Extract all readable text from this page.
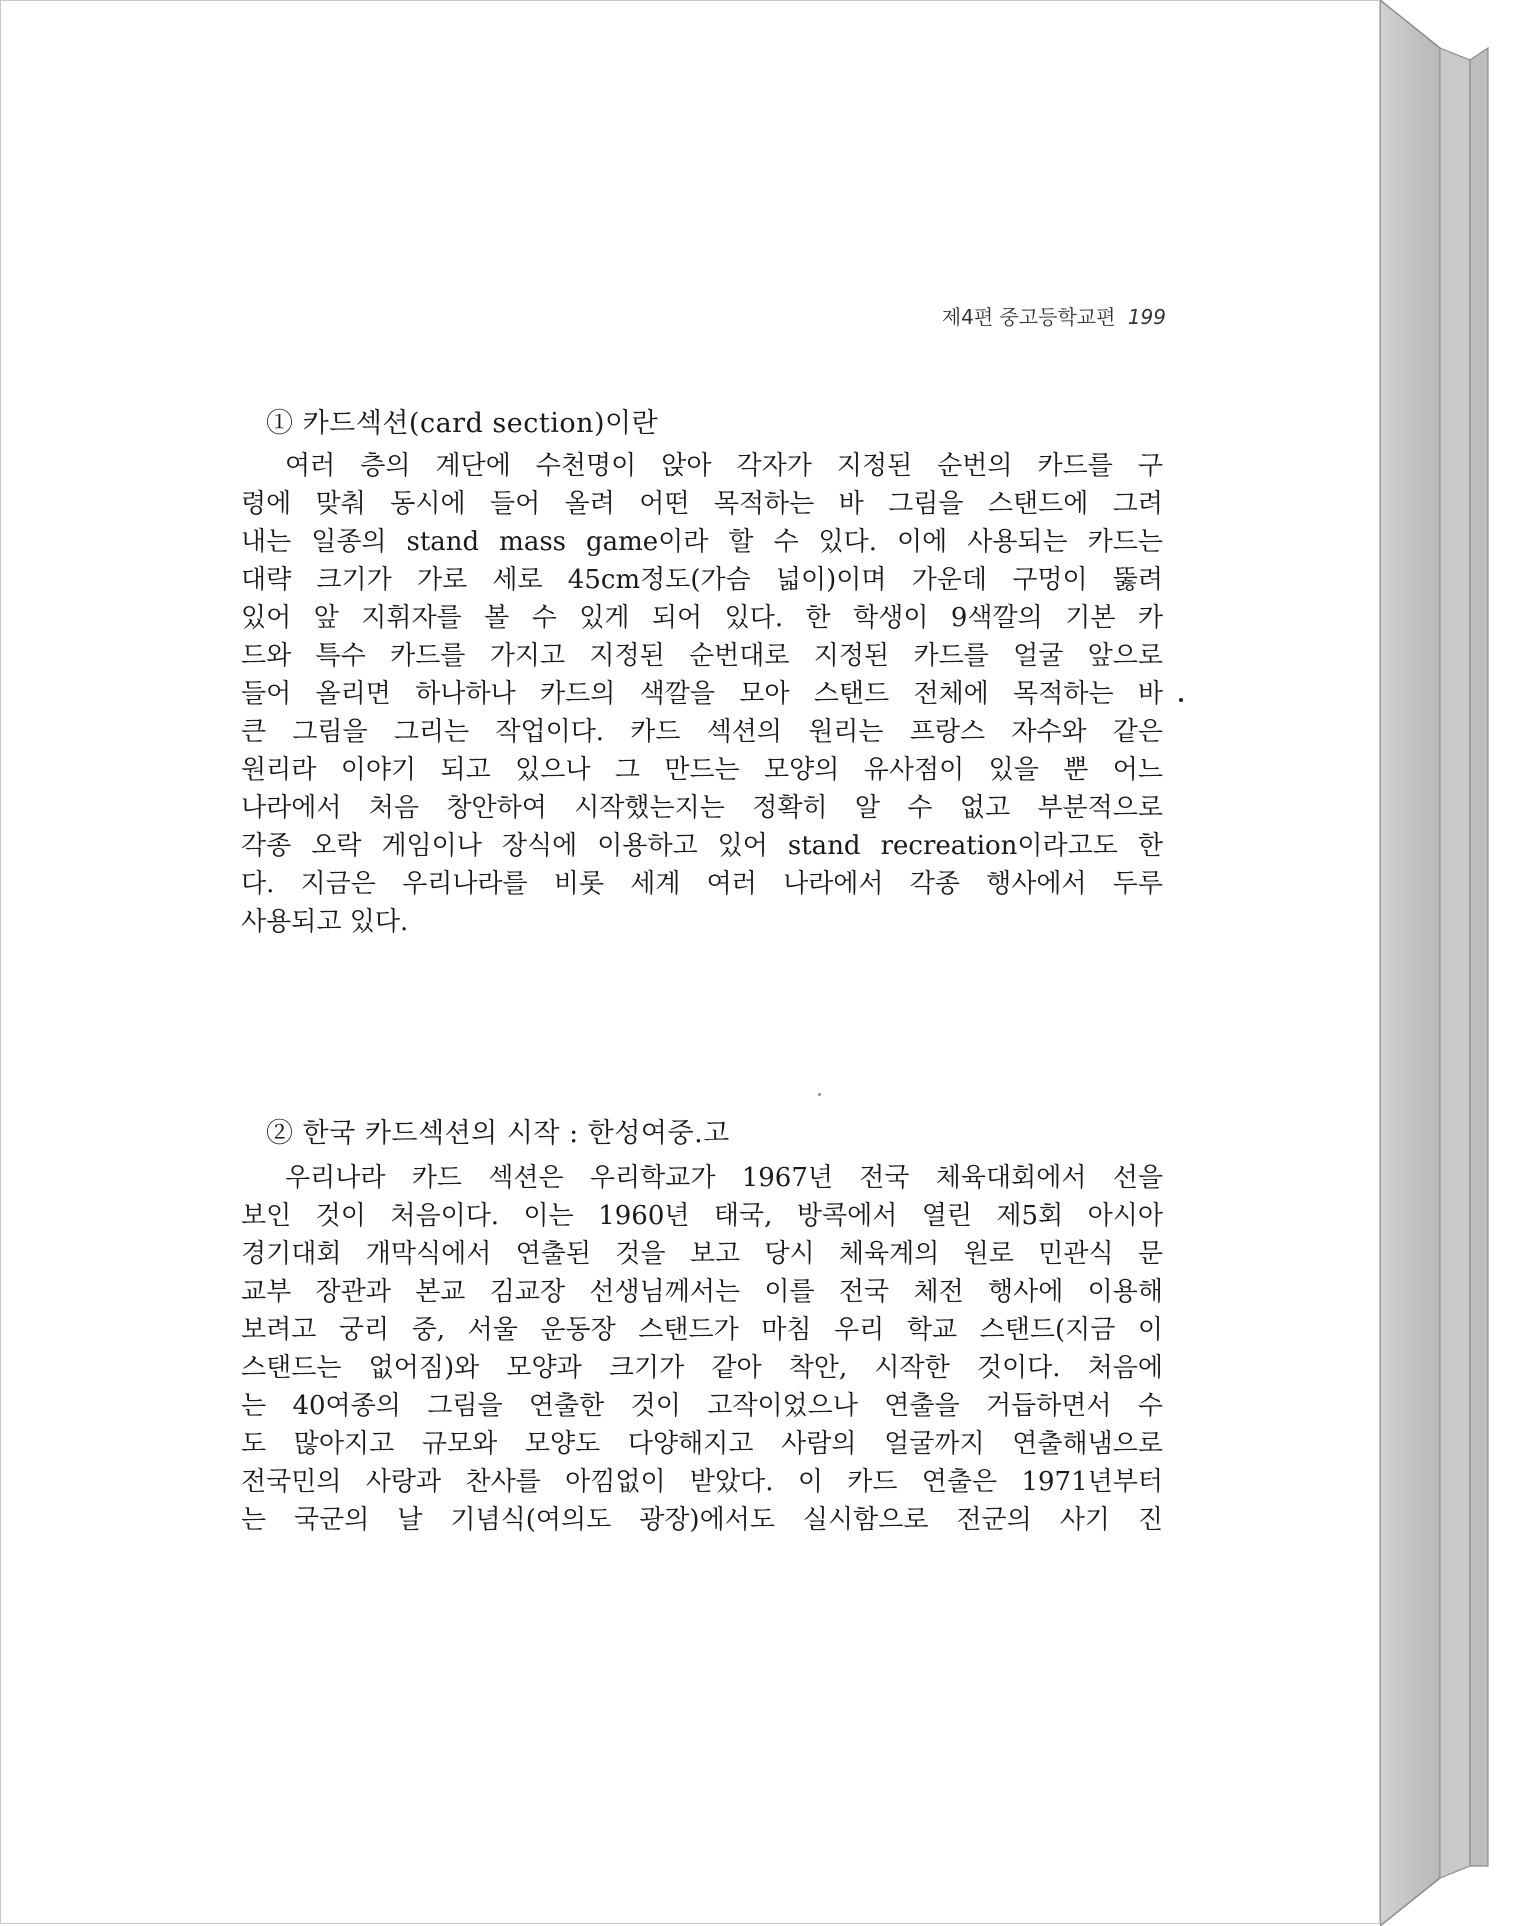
제4편 중고등학교편 199
① 카드섹션(card section)이란
여러 층의 계단에 수천명이 앉아 각자가 지정된 순번의 카드를 구
령에 맞춰 동시에 들어 올려 어떤 목적하는 바 그림을 스탠드에 그려
내는 일종의 stand mass game이라 할 수 있다. 이에 사용되는 카드는
대략 크기가 가로 세로 45cm정도(가슴 넓이)이며 가운데 구멍이 뚫려
있어 앞 지휘자를 볼 수 있게 되어 있다. 한 학생이 9색깔의 기본 카
드와 특수 카드를 가지고 지정된 순번대로 지정된 카드를 얼굴 앞으로
들어 올리면 하나하나 카드의 색깔을 모아 스탠드 전체에 목적하는 바
큰 그림을 그리는 작업이다. 카드 섹션의 원리는 프랑스 자수와 같은
원리라 이야기 되고 있으나 그 만드는 모양의 유사점이 있을 뿐 어느
나라에서 처음 창안하여 시작했는지는 정확히 알 수 없고 부분적으로
각종 오락 게임이나 장식에 이용하고 있어 stand recreation이라고도 한
다. 지금은 우리나라를 비롯 세계 여러 나라에서 각종 행사에서 두루
사용되고 있다.
② 한국 카드섹션의 시작 : 한성여중.고
우리나라 카드 섹션은 우리학교가 1967년 전국 체육대회에서 선을
보인 것이 처음이다. 이는 1960년 태국, 방콕에서 열린 제5회 아시아
경기대회 개막식에서 연출된 것을 보고 당시 체육계의 원로 민관식 문
교부 장관과 본교 김교장 선생님께서는 이를 전국 체전 행사에 이용해
보려고 궁리 중, 서울 운동장 스탠드가 마침 우리 학교 스탠드(지금 이
스탠드는 없어짐)와 모양과 크기가 같아 착안, 시작한 것이다. 처음에
는 40여종의 그림을 연출한 것이 고작이었으나 연출을 거듭하면서 수
도 많아지고 규모와 모양도 다양해지고 사람의 얼굴까지 연출해냄으로
전국민의 사랑과 찬사를 아낌없이 받았다. 이 카드 연출은 1971년부터
는 국군의 날 기념식(여의도 광장)에서도 실시함으로 전군의 사기 진
